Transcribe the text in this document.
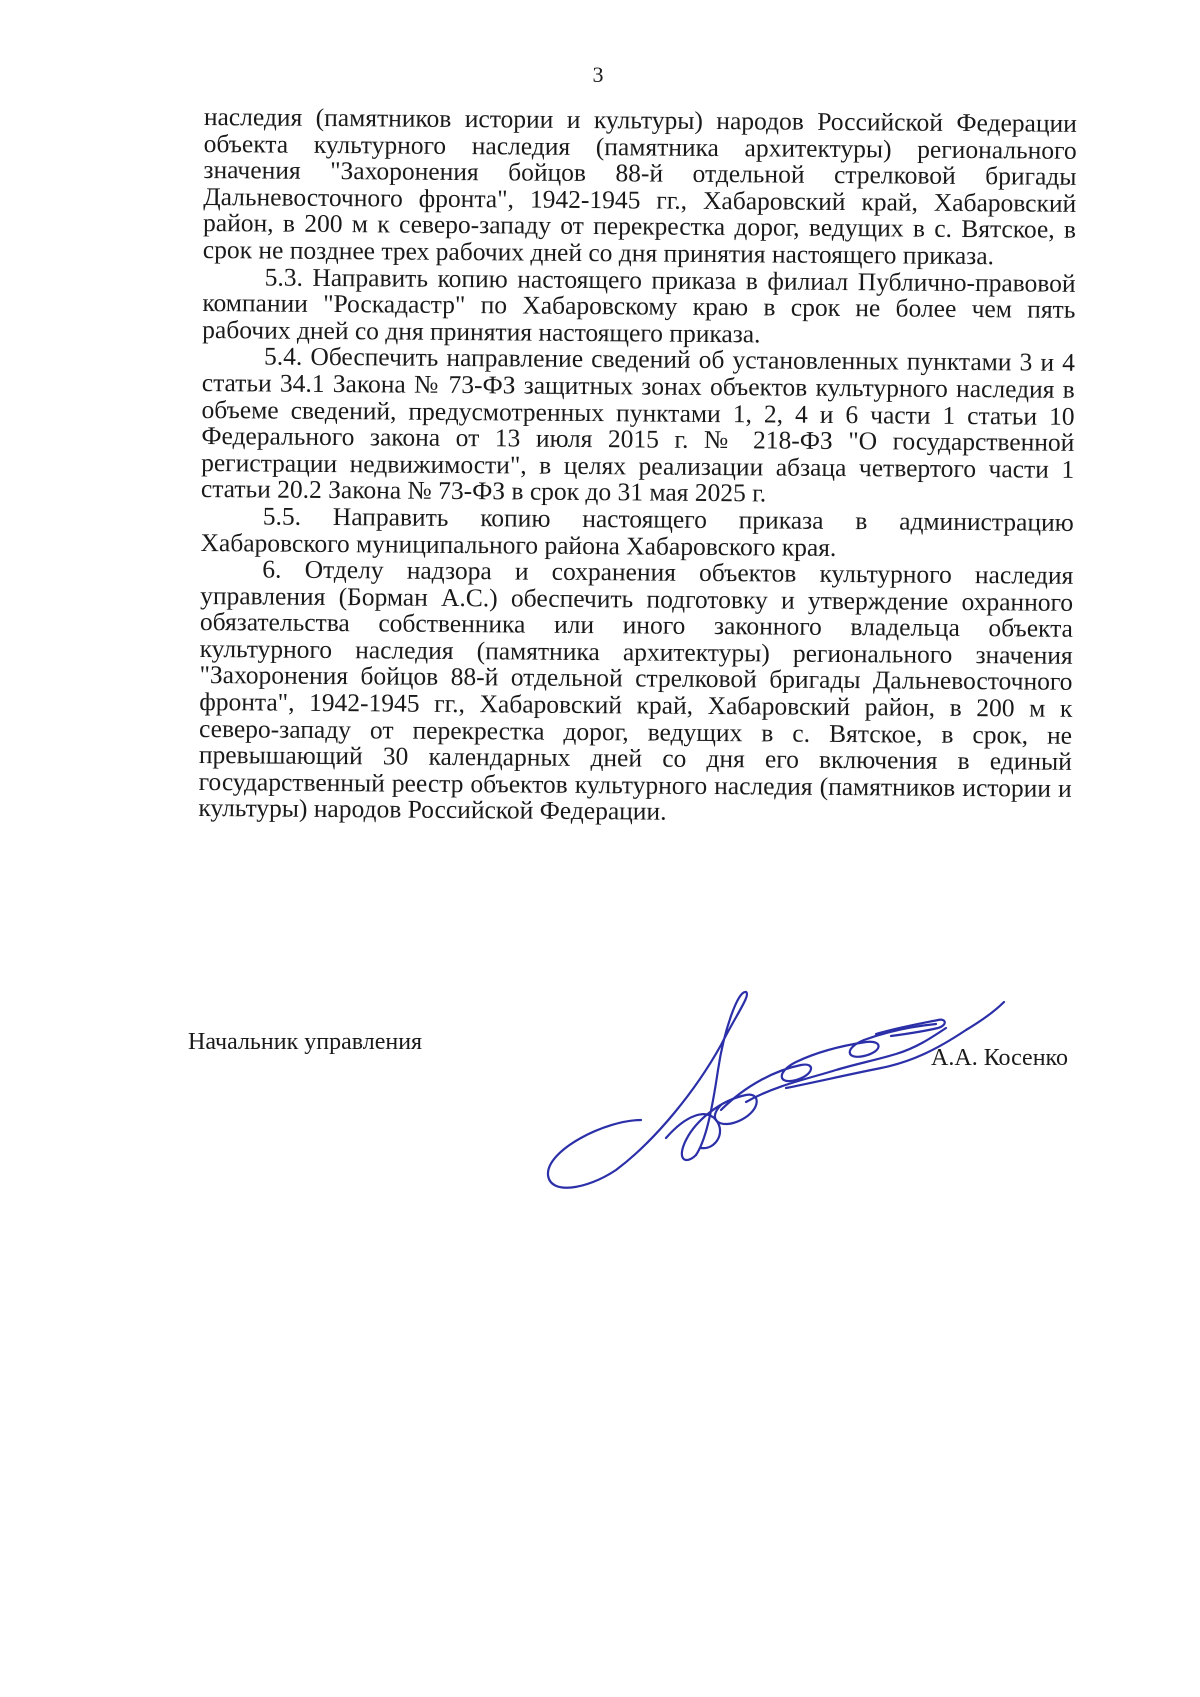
3

наследия (памятников истории и культуры) народов Российской Федерации объекта культурного наследия (памятника архитектуры) регионального значения "Захоронения бойцов 88-й отдельной стрелковой бригады Дальневосточного фронта", 1942-1945 гг., Хабаровский край, Хабаровский район, в 200 м к северо-западу от перекрестка дорог, ведущих в с. Вятское, в срок не позднее трех рабочих дней со дня принятия настоящего приказа.

5.3. Направить копию настоящего приказа в филиал Публично-правовой компании "Роскадастр" по Хабаровскому краю в срок не более чем пять рабочих дней со дня принятия настоящего приказа.

5.4. Обеспечить направление сведений об установленных пунктами 3 и 4 статьи 34.1 Закона № 73-ФЗ защитных зонах объектов культурного наследия в объеме сведений, предусмотренных пунктами 1, 2, 4 и 6 части 1 статьи 10 Федерального закона от 13 июля 2015 г. № 218-ФЗ "О государственной регистрации недвижимости", в целях реализации абзаца четвертого части 1 статьи 20.2 Закона № 73-ФЗ в срок до 31 мая 2025 г.

5.5. Направить копию настоящего приказа в администрацию Хабаровского муниципального района Хабаровского края.

6. Отделу надзора и сохранения объектов культурного наследия управления (Борман А.С.) обеспечить подготовку и утверждение охранного обязательства собственника или иного законного владельца объекта культурного наследия (памятника архитектуры) регионального значения "Захоронения бойцов 88-й отдельной стрелковой бригады Дальневосточного фронта", 1942-1945 гг., Хабаровский край, Хабаровский район, в 200 м к северо-западу от перекрестка дорог, ведущих в с. Вятское, в срок, не превышающий 30 календарных дней со дня его включения в единый государственный реестр объектов культурного наследия (памятников истории и культуры) народов Российской Федерации.

Начальник управления
А.А. Косенко
